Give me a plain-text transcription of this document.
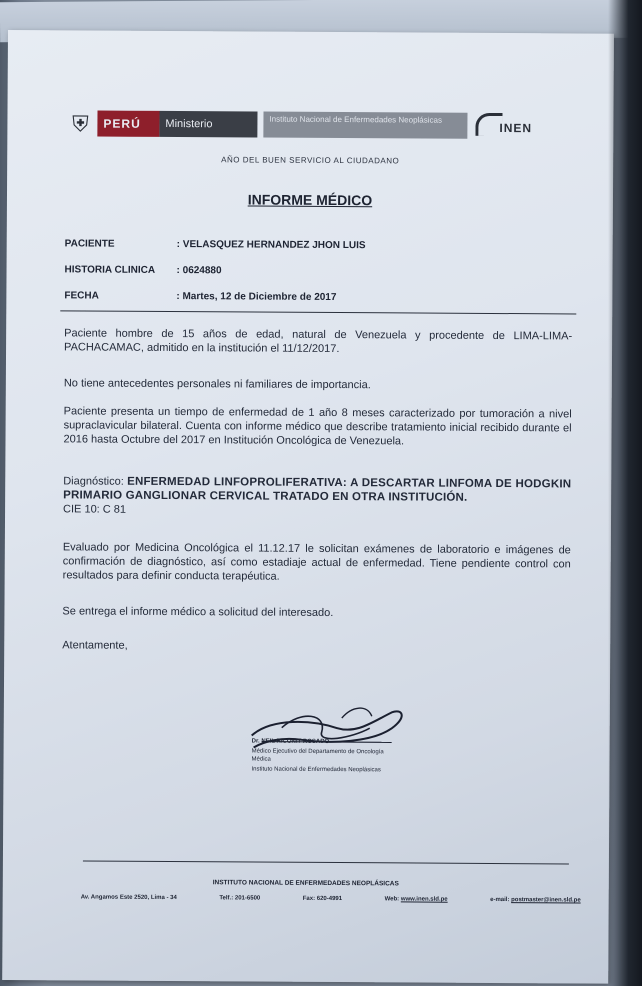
⛨	PERÚ	Ministerio	Instituto Nacional de Enfermedades Neoplásicas
INEN
AÑO DEL BUEN SERVICIO AL CIUDADANO
INFORME MÉDICO
PACIENTE	: VELASQUEZ HERNANDEZ JHON LUIS
HISTORIA CLINICA : 0624880
FECHA	: Martes, 12 de Diciembre de 2017
Paciente hombre de 15 años de edad, natural de Venezuela y procedente de LIMA-LIMA-PACHACAMAC, admitido en la institución el 11/12/2017.
No tiene antecedentes personales ni familiares de importancia.
Paciente presenta un tiempo de enfermedad de 1 año 8 meses caracterizado por tumoración a nivel supraclavicular bilateral. Cuenta con informe médico que describe tratamiento inicial recibido durante el 2016 hasta Octubre del 2017 en Institución Oncológica de Venezuela.
Diagnóstico: ENFERMEDAD LINFOPROLIFERATIVA: A DESCARTAR LINFOMA DE HODGKIN PRIMARIO GANGLIONAR CERVICAL TRATADO EN OTRA INSTITUCIÓN.
CIE 10: C 81
Evaluado por Medicina Oncológica el 11.12.17 le solicitan exámenes de laboratorio e imágenes de confirmación de diagnóstico, así como estadiaje actual de enfermedad. Tiene pendiente control con resultados para definir conducta terapéutica.
Se entrega el informe médico a solicitud del interesado.
Atentamente,
Dr. NEIL RICONIT ROSADO
Médico Ejecutivo del Departamento de Oncología Médica
Instituto Nacional de Enfermedades Neoplásicas
INSTITUTO NACIONAL DE ENFERMEDADES NEOPLÁSICAS
Av. Angamos Este 2520, Lima - 34	Telf.: 201-6500	Fax: 620-4991	Web: www.inen.sld.pe	e-mail: postmaster@inen.sld.pe
